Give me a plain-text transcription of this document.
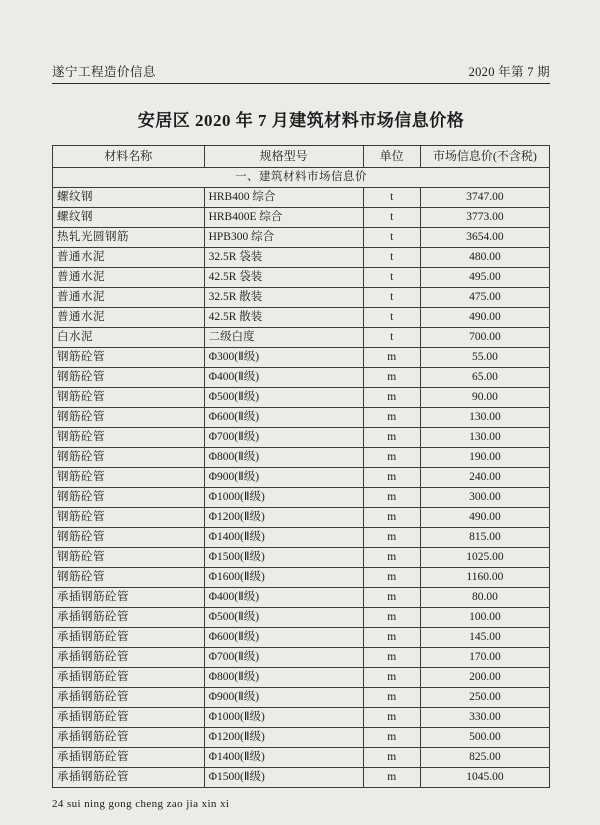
遂宁工程造价信息	2020 年第 7 期
安居区 2020 年 7 月建筑材料市场信息价格
材料名称	规格型号	单位	市场信息价(不含税)
一、建筑材料市场信息价			
螺纹钢	HRB400 综合	t	3747.00
螺纹钢	HRB400E 综合	t	3773.00
热轧光圆钢筋	HPB300 综合	t	3654.00
普通水泥	32.5R 袋装	t	480.00
普通水泥	42.5R 袋装	t	495.00
普通水泥	32.5R 散装	t	475.00
普通水泥	42.5R 散装	t	490.00
白水泥	二级白度	t	700.00
钢筋砼管	Φ300(Ⅱ级)	m	55.00
钢筋砼管	Φ400(Ⅱ级)	m	65.00
钢筋砼管	Φ500(Ⅱ级)	m	90.00
钢筋砼管	Φ600(Ⅱ级)	m	130.00
钢筋砼管	Φ700(Ⅱ级)	m	130.00
钢筋砼管	Φ800(Ⅱ级)	m	190.00
钢筋砼管	Φ900(Ⅱ级)	m	240.00
钢筋砼管	Φ1000(Ⅱ级)	m	300.00
钢筋砼管	Φ1200(Ⅱ级)	m	490.00
钢筋砼管	Φ1400(Ⅱ级)	m	815.00
钢筋砼管	Φ1500(Ⅱ级)	m	1025.00
钢筋砼管	Φ1600(Ⅱ级)	m	1160.00
承插钢筋砼管	Φ400(Ⅱ级)	m	80.00
承插钢筋砼管	Φ500(Ⅱ级)	m	100.00
承插钢筋砼管	Φ600(Ⅱ级)	m	145.00
承插钢筋砼管	Φ700(Ⅱ级)	m	170.00
承插钢筋砼管	Φ800(Ⅱ级)	m	200.00
承插钢筋砼管	Φ900(Ⅱ级)	m	250.00
承插钢筋砼管	Φ1000(Ⅱ级)	m	330.00
承插钢筋砼管	Φ1200(Ⅱ级)	m	500.00
承插钢筋砼管	Φ1400(Ⅱ级)	m	825.00
承插钢筋砼管	Φ1500(Ⅱ级)	m	1045.00
24 sui ning gong cheng zao jia xin xi
